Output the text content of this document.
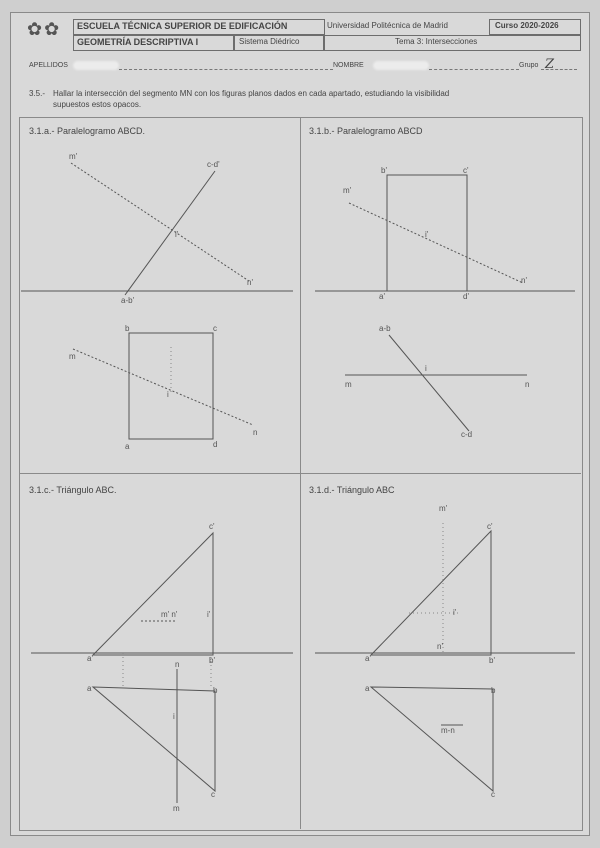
✿✿	ESCUELA TÉCNICA SUPERIOR DE EDIFICACIÓN	Universidad Politécnica de Madrid	Curso 2020-2026
GEOMETRÍA DESCRIPTIVA I	Sistema Diédrico	Tema 3: Intersecciones
APELLIDOS	NOMBRE	Grupo Z
3.5.- Hallar la intersección del segmento MN con los figuras planos dados en cada apartado, estudiando la visibilidad
supuestos estos opacos.
3.1.a.- Paralelogramo ABCD.	3.1.b.- Paralelogramo ABCD
3.1.c.- Triángulo ABC.	3.1.d.- Triángulo ABC
m'
c-d'
n'
a-b'
i'
b	c
m
a	d
n
i
b'	c'
m'
i'
n'
a'	d'
a-b
m
i
n
c-d
c'
m' n'	i'
a'	b'
n
a	b
i
m
c
m'
c'
i'
n'
a'	b'
a	b
m-n
c
